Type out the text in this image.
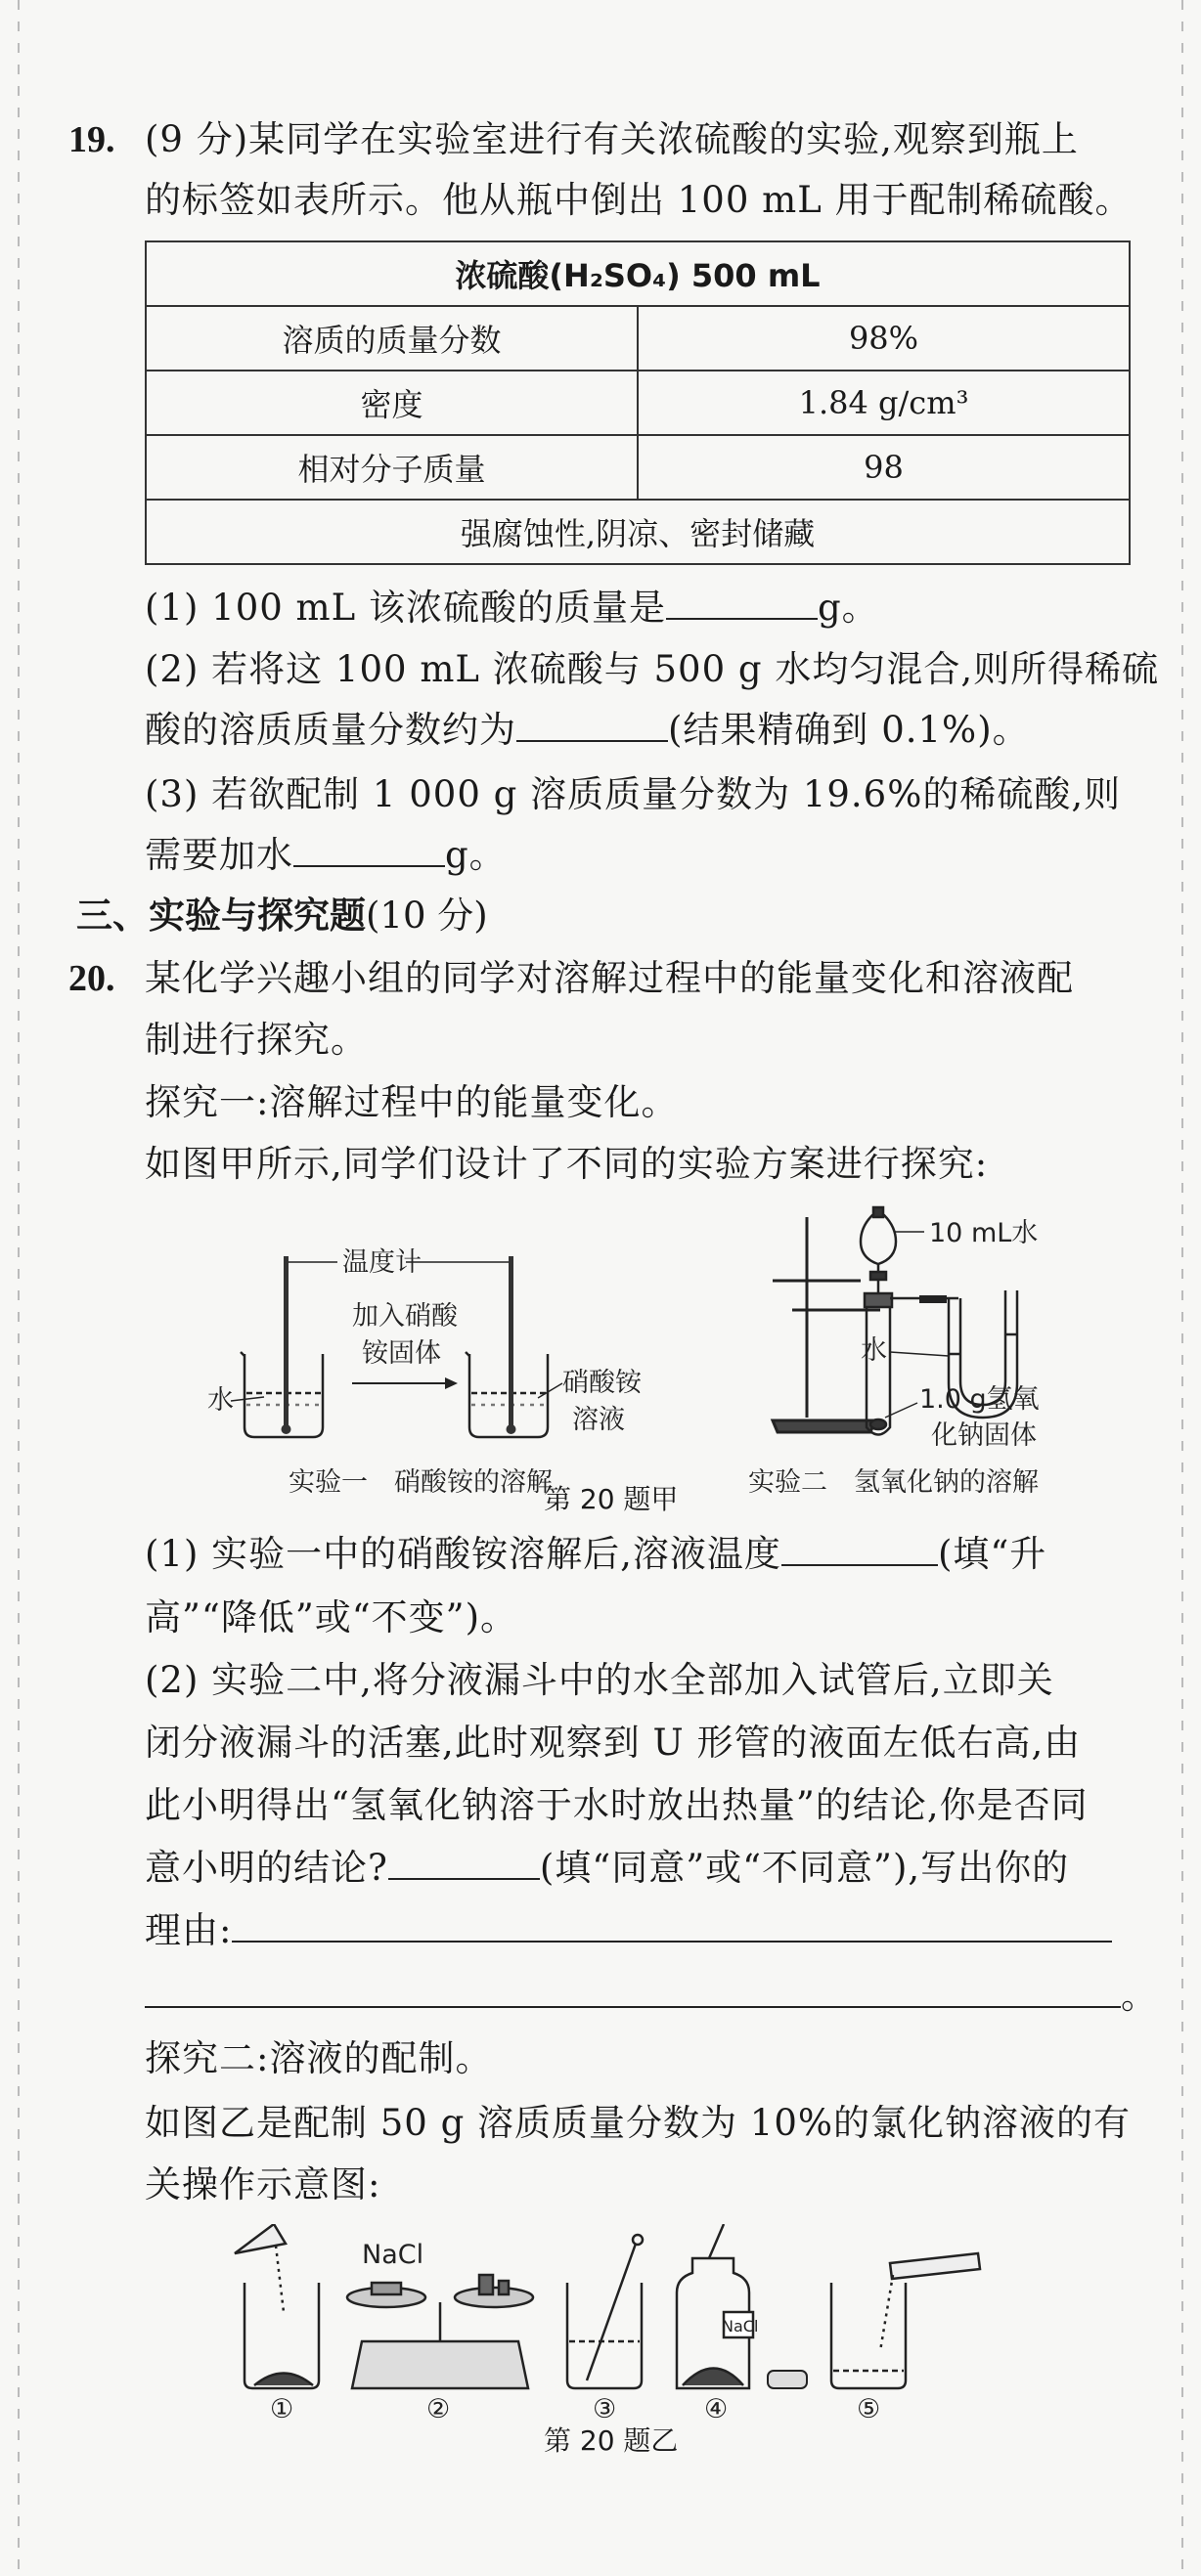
19. (9 分)某同学在实验室进行有关浓硫酸的实验,观察到瓶上
的标签如表所示。他从瓶中倒出 100 mL 用于配制稀硫酸。
浓硫酸(H₂SO₄) 500 mL	
溶质的质量分数	98%
密度	1.84 g/cm³
相对分子质量	98
强腐蚀性,阴凉、密封储藏	
(1) 100 mL 该浓硫酸的质量是	g。
(2) 若将这 100 mL 浓硫酸与 500 g 水均匀混合,则所得稀硫
酸的溶质质量分数约为	(结果精确到 0.1%)。
(3) 若欲配制 1 000 g 溶质质量分数为 19.6%的稀硫酸,则
需要加水	g。
三、实验与探究题(10 分)
20. 某化学兴趣小组的同学对溶解过程中的能量变化和溶液配
制进行探究。
探究一:溶解过程中的能量变化。
如图甲所示,同学们设计了不同的实验方案进行探究:
温度计
加入硝酸
铵固体
水
硝酸铵
溶液
实验一　硝酸铵的溶解
10 mL水
水
1.0 g氢氧
化钠固体
实验二　氢氧化钠的溶解
第 20 题甲
(1) 实验一中的硝酸铵溶解后,溶液温度	(填“升
高”“降低”或“不变”)。
(2) 实验二中,将分液漏斗中的水全部加入试管后,立即关
闭分液漏斗的活塞,此时观察到 U 形管的液面左低右高,由
此小明得出“氢氧化钠溶于水时放出热量”的结论,你是否同
意小明的结论?	(填“同意”或“不同意”),写出你的
理由:
。
探究二:溶液的配制。
如图乙是配制 50 g 溶质质量分数为 10%的氯化钠溶液的有
关操作示意图:
NaCl
NaCl
①	②	③	④	⑤
第 20 题乙
